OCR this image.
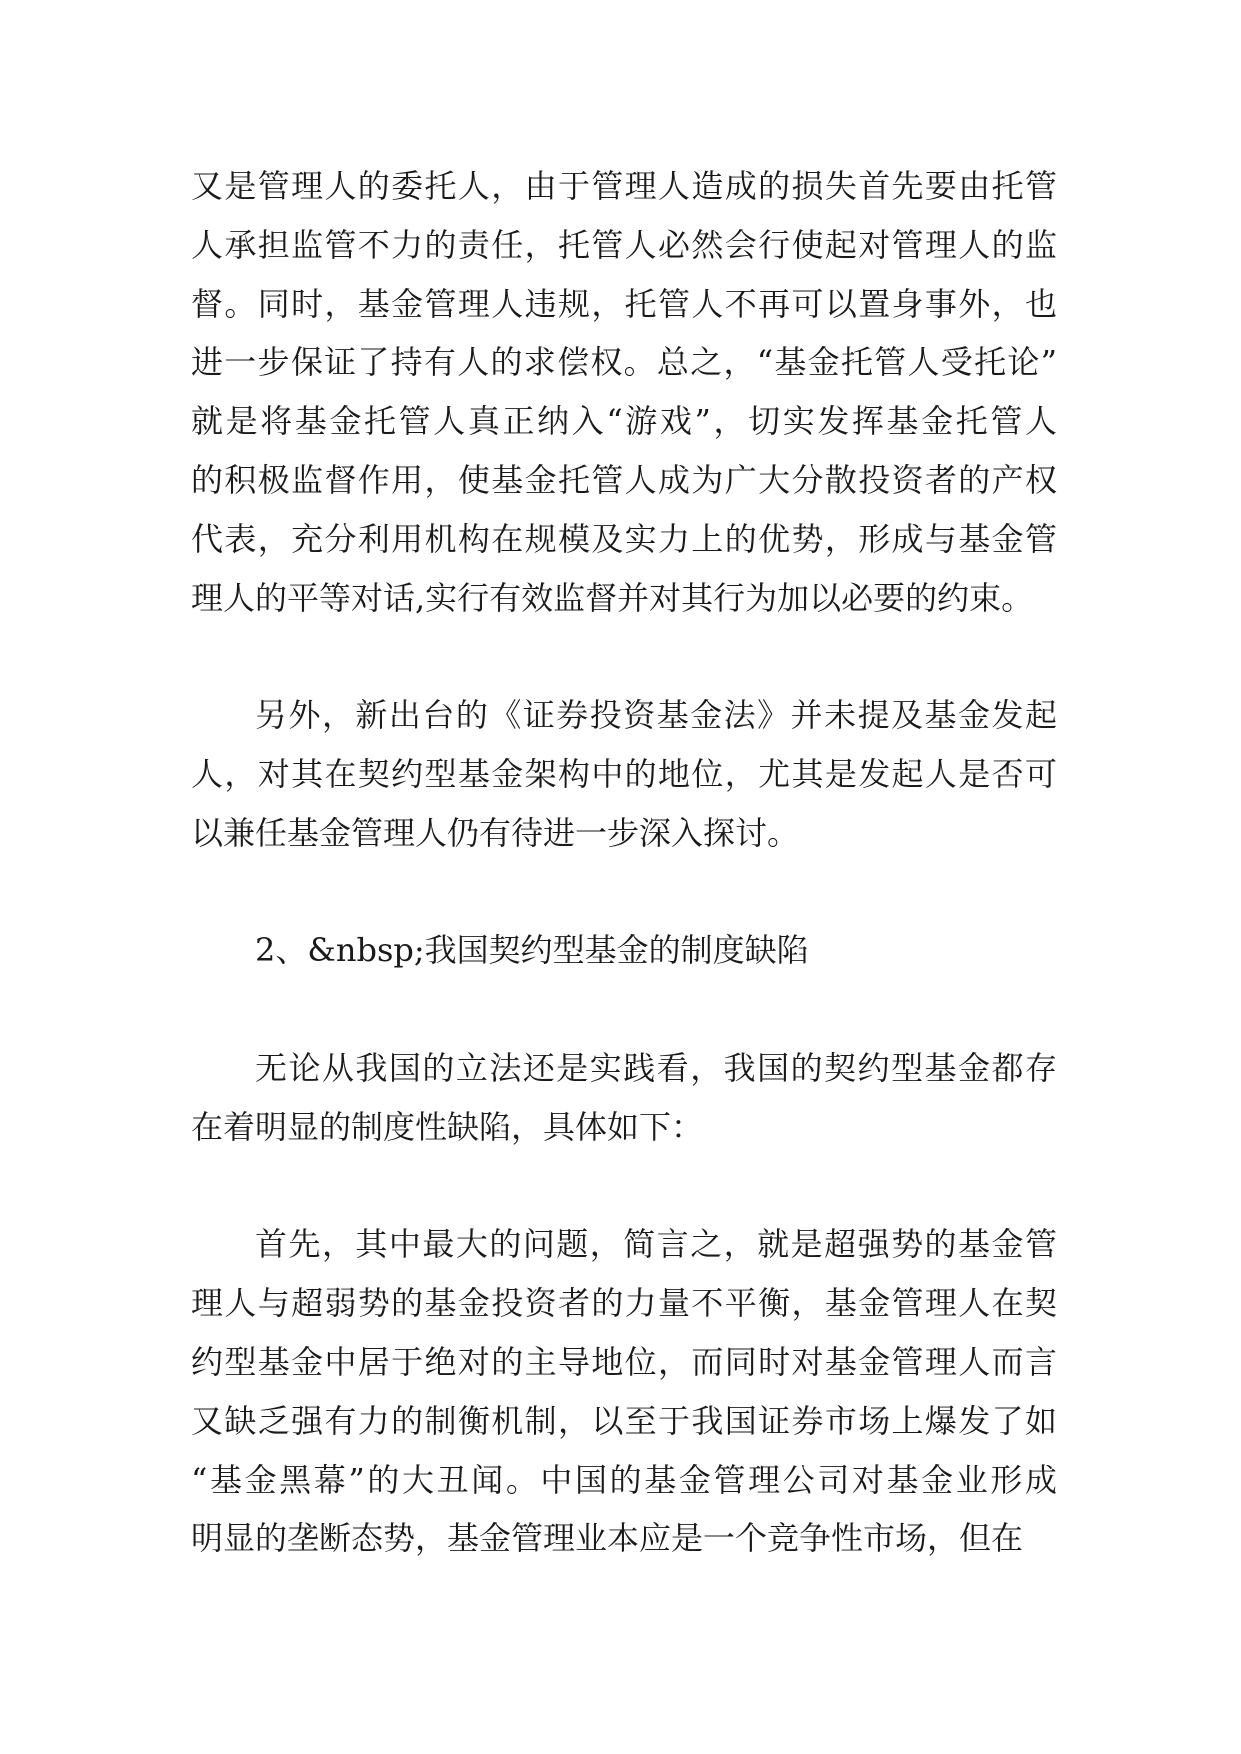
又是管理人的委托人，由于管理人造成的损失首先要由托管
人承担监管不力的责任，托管人必然会行使起对管理人的监
督。同时，基金管理人违规，托管人不再可以置身事外，也
进一步保证了持有人的求偿权。总之，“基金托管人受托论”
就是将基金托管人真正纳入“游戏”，切实发挥基金托管人
的积极监督作用，使基金托管人成为广大分散投资者的产权
代表，充分利用机构在规模及实力上的优势，形成与基金管
理人的平等对话,实行有效监督并对其行为加以必要的约束。
另外，新出台的《证券投资基金法》并未提及基金发起
人，对其在契约型基金架构中的地位，尤其是发起人是否可
以兼任基金管理人仍有待进一步深入探讨。
2、&nbsp;我国契约型基金的制度缺陷
无论从我国的立法还是实践看，我国的契约型基金都存
在着明显的制度性缺陷，具体如下：
首先，其中最大的问题，简言之，就是超强势的基金管
理人与超弱势的基金投资者的力量不平衡，基金管理人在契
约型基金中居于绝对的主导地位，而同时对基金管理人而言
又缺乏强有力的制衡机制，以至于我国证券市场上爆发了如
“基金黑幕”的大丑闻。中国的基金管理公司对基金业形成
明显的垄断态势，基金管理业本应是一个竞争性市场，但在
